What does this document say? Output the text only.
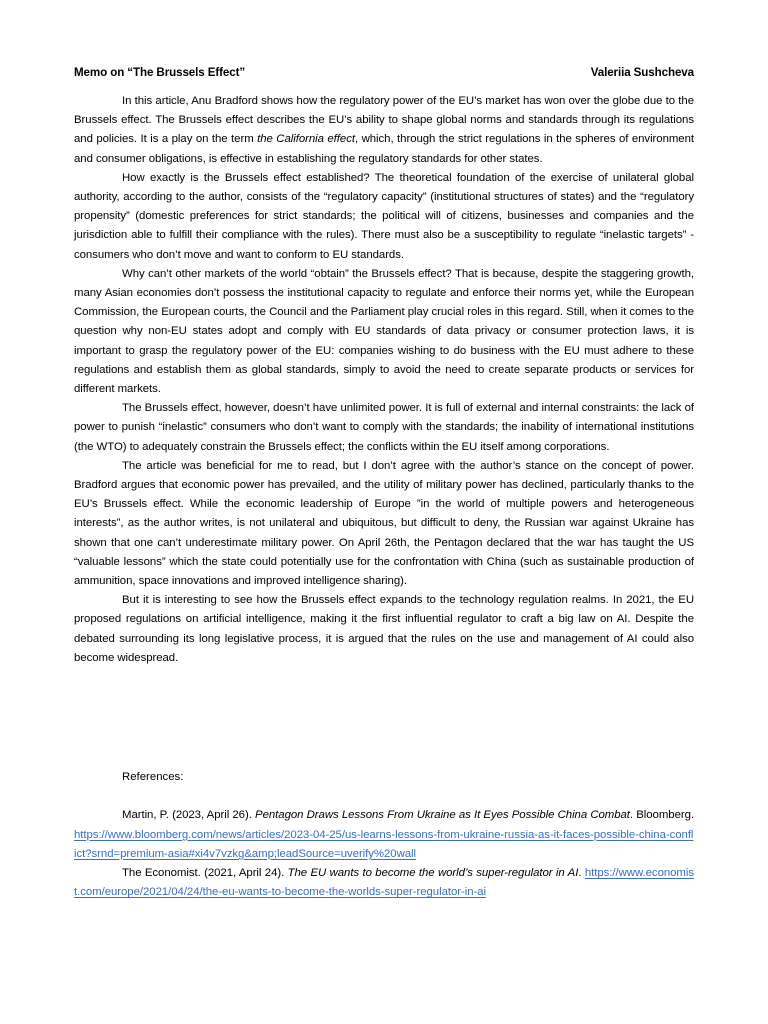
Memo on “The Brussels Effect”	Valeriia Sushcheva

In this article, Anu Bradford shows how the regulatory power of the EU’s market has won over the globe due to the Brussels effect. The Brussels effect describes the EU’s ability to shape global norms and standards through its regulations and policies. It is a play on the term the California effect, which, through the strict regulations in the spheres of environment and consumer obligations, is effective in establishing the regulatory standards for other states.

How exactly is the Brussels effect established? The theoretical foundation of the exercise of unilateral global authority, according to the author, consists of the “regulatory capacity” (institutional structures of states) and the “regulatory propensity” (domestic preferences for strict standards; the political will of citizens, businesses and companies and the jurisdiction able to fulfill their compliance with the rules). There must also be a susceptibility to regulate “inelastic targets” - consumers who don’t move and want to conform to EU standards.

Why can’t other markets of the world “obtain” the Brussels effect? That is because, despite the staggering growth, many Asian economies don’t possess the institutional capacity to regulate and enforce their norms yet, while the European Commission, the European courts, the Council and the Parliament play crucial roles in this regard. Still, when it comes to the question why non-EU states adopt and comply with EU standards of data privacy or consumer protection laws, it is important to grasp the regulatory power of the EU: companies wishing to do business with the EU must adhere to these regulations and establish them as global standards, simply to avoid the need to create separate products or services for different markets.

The Brussels effect, however, doesn’t have unlimited power. It is full of external and internal constraints: the lack of power to punish “inelastic” consumers who don’t want to comply with the standards; the inability of international institutions (the WTO) to adequately constrain the Brussels effect; the conflicts within the EU itself among corporations.

The article was beneficial for me to read, but I don’t agree with the author’s stance on the concept of power. Bradford argues that economic power has prevailed, and the utility of military power has declined, particularly thanks to the EU’s Brussels effect. While the economic leadership of Europe ”in the world of multiple powers and heterogeneous interests”, as the author writes, is not unilateral and ubiquitous, but difficult to deny, the Russian war against Ukraine has shown that one can’t underestimate military power. On April 26th, the Pentagon declared that the war has taught the US “valuable lessons” which the state could potentially use for the confrontation with China (such as sustainable production of ammunition, space innovations and improved intelligence sharing).

But it is interesting to see how the Brussels effect expands to the technology regulation realms. In 2021, the EU proposed regulations on artificial intelligence, making it the first influential regulator to craft a big law on AI. Despite the debated surrounding its long legislative process, it is argued that the rules on the use and management of AI could also become widespread.

References:

Martin, P. (2023, April 26). Pentagon Draws Lessons From Ukraine as It Eyes Possible China Combat. Bloomberg. https://www.bloomberg.com/news/articles/2023-04-25/us-learns-lessons-from-ukraine-russia-as-it-faces-possible-china-conflict?srnd=premium-asia#xi4v7vzkg&amp;leadSource=uverify%20wall

The Economist. (2021, April 24). The EU wants to become the world’s super-regulator in AI. https://www.economist.com/europe/2021/04/24/the-eu-wants-to-become-the-worlds-super-regulator-in-ai
